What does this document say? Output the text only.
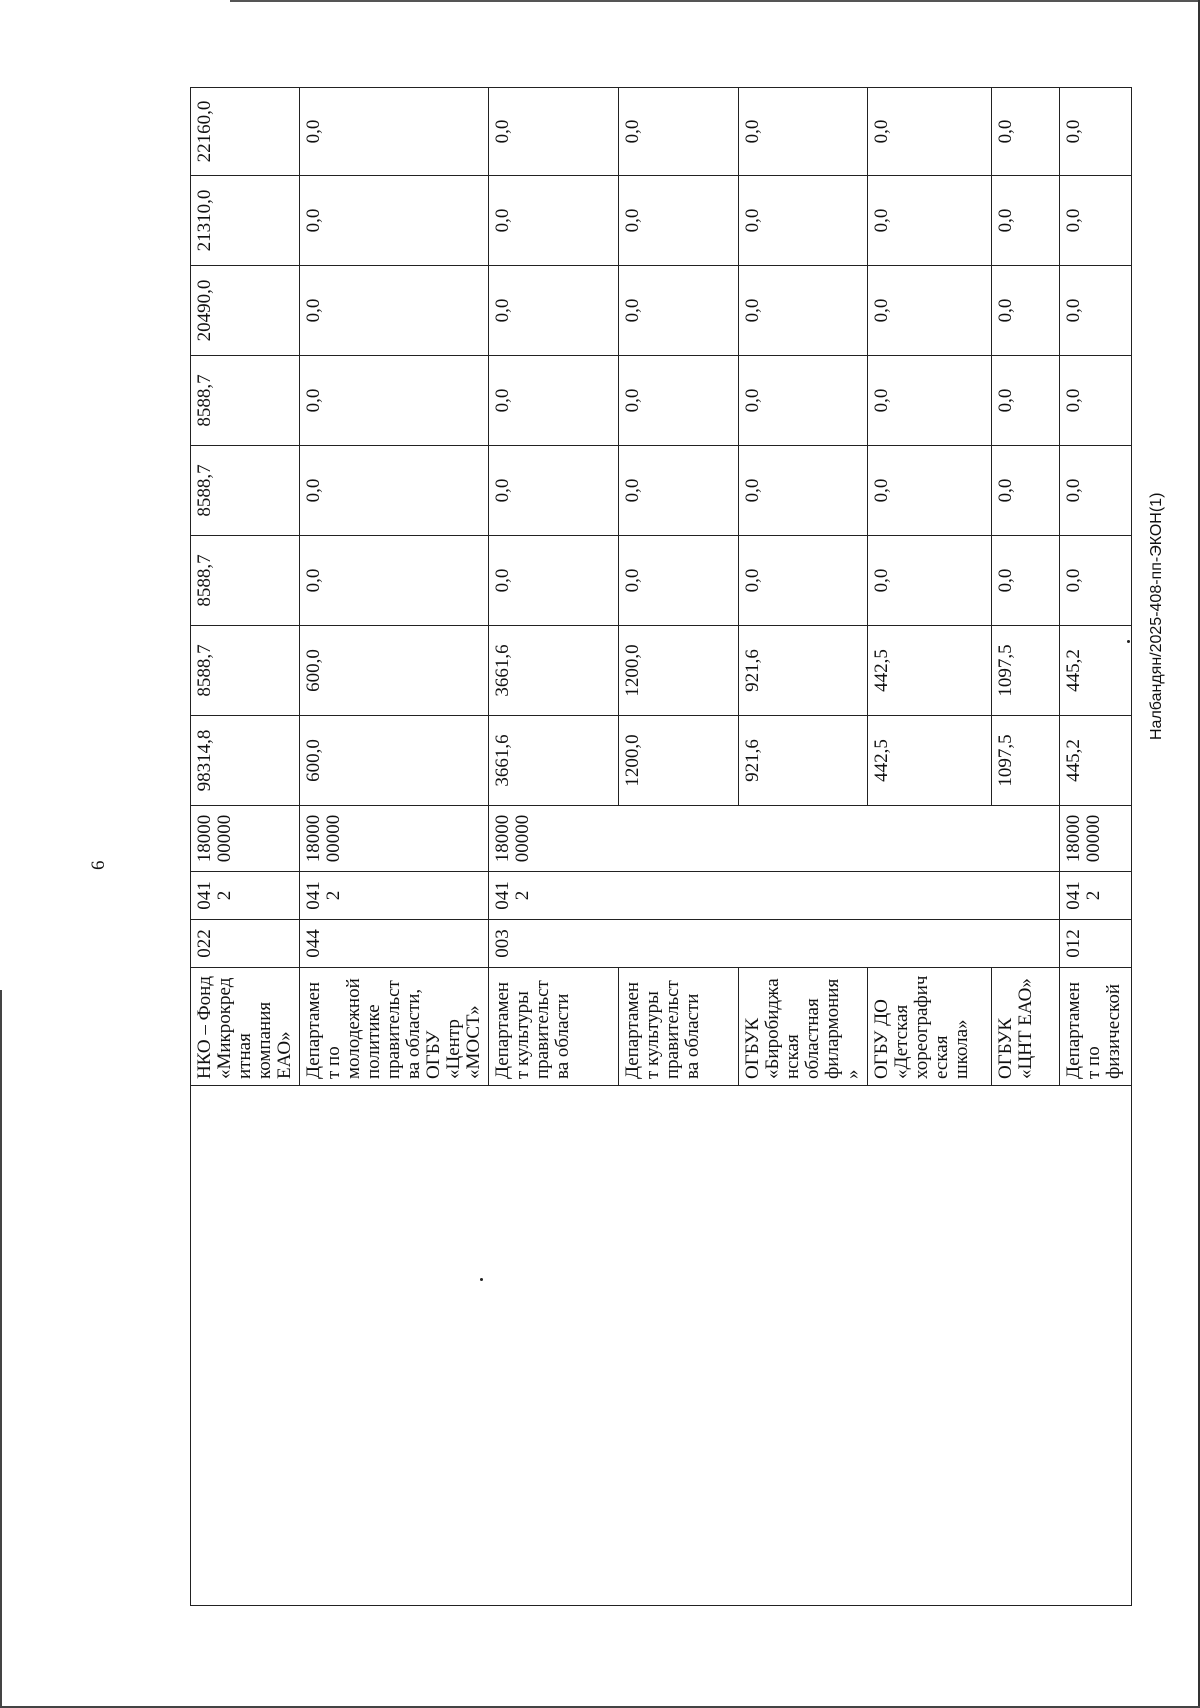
6
Налбандян/2025-408-пп-ЭКОН(1)
	НКО – Фонд «Микрокредитная компания ЕАО»	022	0412	1800000000	98314,8	8588,7	8588,7	8588,7	8588,7	20490,0	21310,0	22160,0
	Департамент по молодежной политике правительства области, ОГБУ «Центр «МОСТ»	044	0412	1800000000	600,0	600,0	0,0	0,0	0,0	0,0	0,0	0,0
	Департамент культуры правительства области	003	0412	1800000000	3661,6	3661,6	0,0	0,0	0,0	0,0	0,0	0,0
	Департамент культуры правительства области				1200,0	1200,0	0,0	0,0	0,0	0,0	0,0	0,0
	ОГБУК «Биробиджанская областная филармония»				921,6	921,6	0,0	0,0	0,0	0,0	0,0	0,0
	ОГБУ ДО «Детская хореографическая школа»				442,5	442,5	0,0	0,0	0,0	0,0	0,0	0,0
	ОГБУК «ЦНТ ЕАО»				1097,5	1097,5	0,0	0,0	0,0	0,0	0,0	0,0
	Департамент по физической	012	0412	1800000000	445,2	445,2	0,0	0,0	0,0	0,0	0,0	0,0
